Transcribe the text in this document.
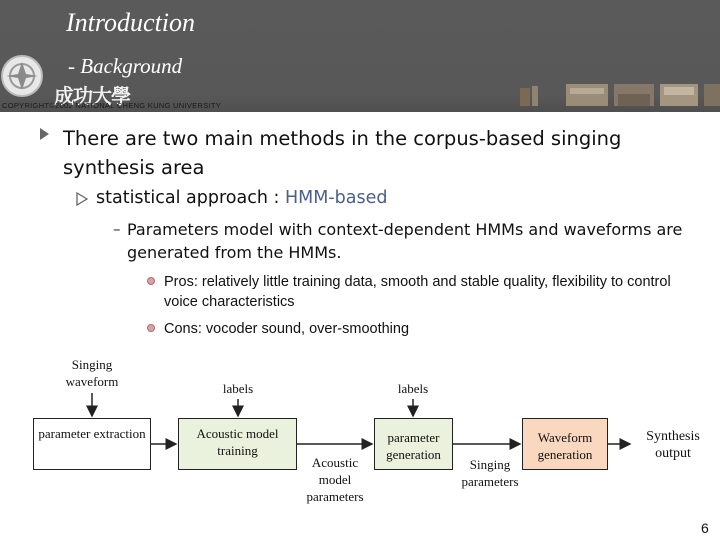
成功大學
Introduction
- Background
COPYRIGHT©2002 NATIONAL CHENG KUNG UNIVERSITY
There are two main methods in the corpus-based singing synthesis area
statistical approach : HMM-based
– Parameters model with context-dependent HMMs and waveforms are generated from the HMMs.
Pros: relatively little training data, smooth and stable quality, flexibility to control voice characteristics
Cons: vocoder sound, over-smoothing
Singing waveform	labels	labels
parameter extraction	Acoustic model training
parameter generation
Waveform generation
Acoustic model parameters
Singing parameters
Synthesis output
6
